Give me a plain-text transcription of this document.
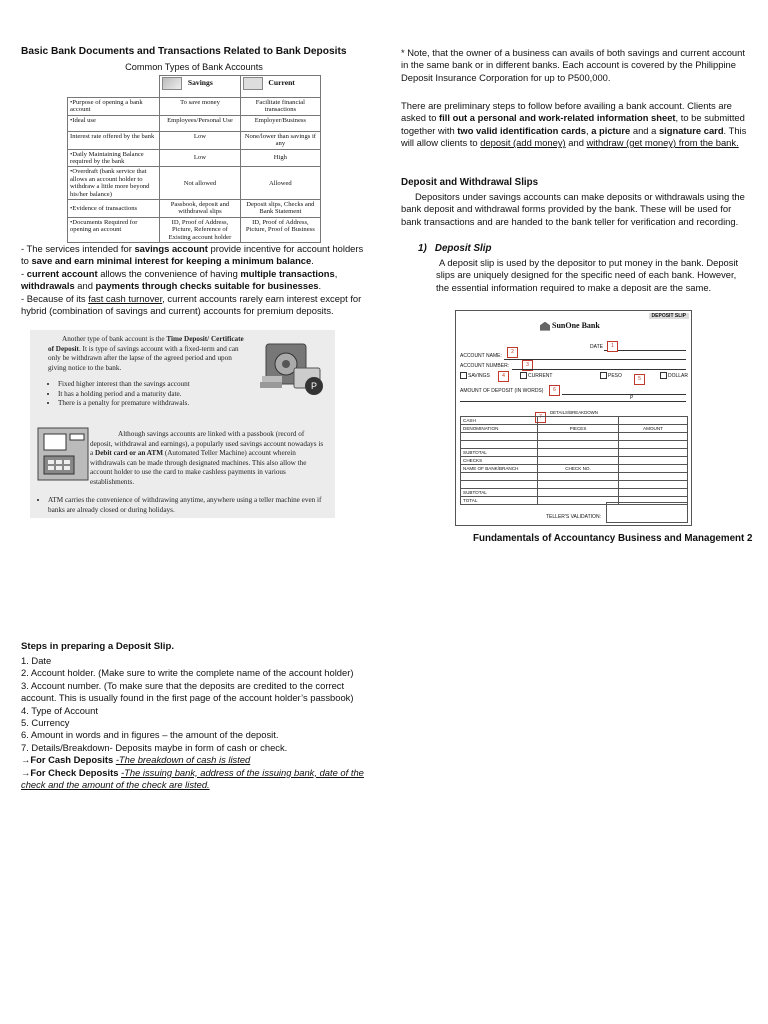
Basic Bank Documents and Transactions Related to Bank Deposits
Common Types of Bank Accounts
	Savings	Current
•Purpose of opening a bank account	To save money	Facilitate financial transactions
•Ideal use	Employees/Personal Use	Employer/Business
Interest rate offered by the bank	Low	None/lower than savings if any
•Daily Maintaining Balance required by the bank	Low	High
•Overdraft (bank service that allows an account holder to withdraw a little more beyond his/her balance)	Not allowed	Allowed
•Evidence of transactions	Passbook, deposit and withdrawal slips	Deposit slips, Checks and Bank Statement
•Documents Required for opening an account	ID, Proof of Address, Picture, Reference of Existing account holder	ID, Proof of Address, Picture, Proof of Business
- The services intended for savings account provide incentive for account holders to save and earn minimal interest for keeping a minimum balance.
- current account allows the convenience of having multiple transactions, withdrawals and payments through checks suitable for businesses.
- Because of its fast cash turnover, current accounts rarely earn interest except for hybrid (combination of savings and current) accounts for premium deposits.
Another type of bank account is the Time Deposit/ Certificate of Deposit. It is type of savings account with a fixed-term and can only be withdrawn after the lapse of the agreed period and upon giving notice to the bank.
P
• Fixed higher interest than the savings account
• It has a holding period and a maturity date.
• There is a penalty for premature withdrawals.
Although savings accounts are linked with a passbook (record of deposit, withdrawal and earnings), a popularly used savings account nowadays is a Debit card or an ATM (Automated Teller Machine) account wherein withdrawals can be made through designated machines. This also allow the account holder to use the card to make cashless payments in various establishments.
• ATM carries the convenience of withdrawing anytime, anywhere using a teller machine even if banks are already closed or during holidays.
Steps in preparing a Deposit Slip.
1. Date
2. Account holder. (Make sure to write the complete name of the account holder)
3. Account number. (To make sure that the deposits are credited to the correct account. This is usually found in the first page of the account holder’s passbook)
4. Type of Account
5. Currency
6. Amount in words and in figures – the amount of the deposit.
7. Details/Breakdown- Deposits maybe in form of cash or check.
→For Cash Deposits -The breakdown of cash is listed
→For Check Deposits -The issuing bank, address of the issuing bank, date of the check and the amount of the check are listed.
* Note, that the owner of a business can avails of both savings and current account in the same bank or in different banks. Each account is covered by the Philippine Deposit Insurance Corporation for up to P500,000.
There are preliminary steps to follow before availing a bank account. Clients are asked to fill out a personal and work-related information sheet, to be submitted together with two valid identification cards, a picture and a signature card. This will allow clients to deposit (add money) and withdraw (get money) from the bank.
Deposit and Withdrawal Slips
Depositors under savings accounts can make deposits or withdrawals using the bank deposit and withdrawal forms provided by the bank. These will be used for bank transactions and are handed to the bank teller for verification and recording.
1)   Deposit Slip
A deposit slip is used by the depositor to put money in the bank. Deposit slips are uniquely designed for the specific need of each bank. However, the essential information required to make a deposit are the same.
DEPOSIT SLIP
SunOne Bank
DATE	1
2
ACCOUNT NAME:
3
ACCOUNT NUMBER:
SAVINGS	4	CURRENT	PESO
5
DOLLAR
AMOUNT OF DEPOSIT (IN WORDS)	6
P
7
DETAILS/BREAKDOWN
CASH		
DENOMINATION	PIECES	AMOUNT

SUBTOTAL		
CHECKS		
NAME OF BANK/BRANCH	CHECK NO.	

SUBTOTAL		
TOTAL		
TELLER'S VALIDATION:
Fundamentals of Accountancy Business and Management 2
